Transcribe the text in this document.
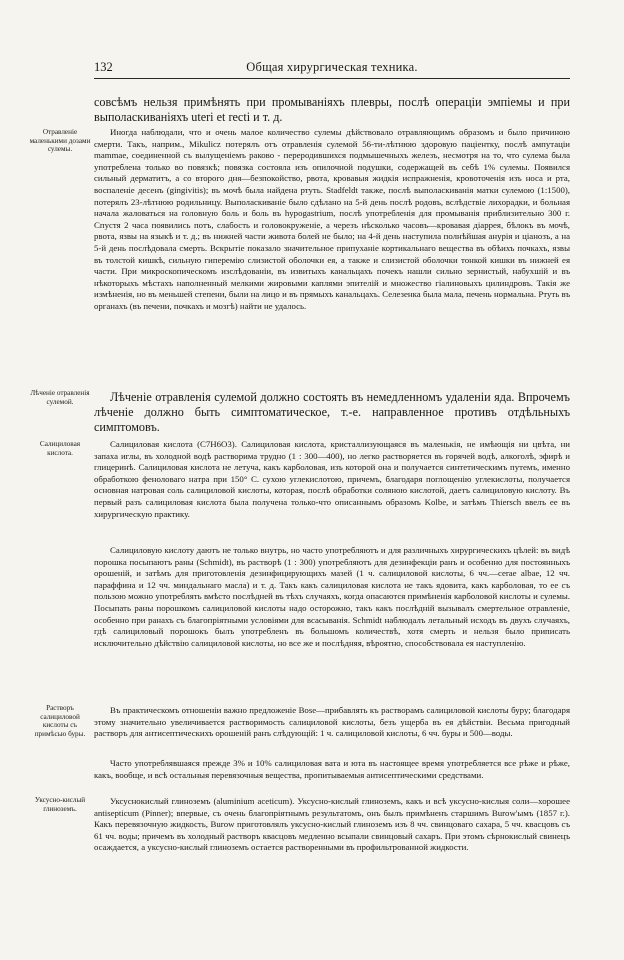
132	Общая хирургическая техника.
Отравленіе маленькими дозами сулемы.
Лѣченіе отравленія сулемой.
Салициловая кислота.
Растворъ салициловой кислоты съ примѣсью буры.
Уксусно-кислый глиноземъ.

совсѣмъ нельзя примѣнять при промываніяхъ плевры, послѣ операціи эмпіемы и при выполаскиваніяхъ uteri et recti и т. д.

Иногда наблюдали, что и очень малое количество сулемы дѣйствовало отравляющимъ образомъ и было причиною смерти. Такъ, наприм., Mikulicz потерялъ отъ отравленія сулемой 56-ти-лѣтнюю здоровую паціентку, послѣ ампутаціи mammae, соединенной съ вылущеніемъ раково - переродившихся подмышечныхъ железъ, несмотря на то, что сулема была употреблена только во повязкѣ; повязка состояла изъ опилочной подушки, содержащей въ себѣ 1% сулемы. Появился сильный дерматитъ, а со второго дня—безпокойство, рвота, кровавыя жидкія испражненія, кровоточенія изъ носа и рта, воспаленіе десенъ (gingivitis); въ мочѣ была найдена ртуть. Stadfeldt также, послѣ выполаскиванія матки сулемою (1:1500), потерялъ 23-лѣтнюю родильницу. Выполаскиваніе было сдѣлано на 5-й день послѣ родовъ, вслѣдствіе лихорадки, и больная начала жаловаться на головную боль и боль въ hypogastrium, послѣ употребленія для промыванія приблизительно 300 г. Спустя 2 часа появились потъ, слабость и головокруженіе, а черезъ нѣсколько часовъ—кровавая діаррея, бѣлокъ въ мочѣ, рвота, язвы на языкѣ и т. д.; въ нижней части живота болей не было; на 4-й день наступила полнѣйшая анурія и ціанозъ, а на 5-й день послѣдовала смерть. Вскрытіе показало значительное припуханіе кортикальнаго вещества въ обѣихъ почкахъ, язвы въ толстой кишкѣ, сильную гиперемію слизистой оболочки ея, а также и слизистой оболочки тонкой кишки въ нижней ея части. При микроскопическомъ изслѣдованіи, въ извитыхъ канальцахъ почекъ нашли сильно зернистый, набухшій и въ нѣкоторыхъ мѣстахъ наполненный мелкими жировыми каплями эпителій и множество гіалиновыхъ цилиндровъ. Такія же измѣненія, но въ меньшей степени, были на лицо и въ прямыхъ канальцахъ. Селезенка была мала, печень нормальна. Ртуть въ органахъ (въ печени, почкахъ и мозгѣ) найти не удалось.

Лѣченіе отравленія сулемой должно состоять въ немедленномъ удаленіи яда. Впрочемъ лѣченіе должно быть симптоматическое, т.-е. направленное противъ отдѣльныхъ симптомовъ.

Салициловая кислота (C7H6O3). Салициловая кислота, кристаллизующаяся въ маленькія, не имѣющія ни цвѣта, ни запаха иглы, въ холодной водѣ растворима трудно (1 : 300—400), но легко растворяется въ горячей водѣ, алкоголѣ, эфирѣ и глицеринѣ. Салициловая кислота не летуча, какъ карболовая, изъ которой она и получается синтетическимъ путемъ, именно обработкою феноловаго натра при 150° С. сухою углекислотою, причемъ, благодаря поглощенію углекислоты, получается основная натровая соль салициловой кислоты, которая, послѣ обработки соляною кислотой, даетъ салициловую кислоту. Въ первый разъ салициловая кислота была получена только-что описаннымъ образомъ Kolbe, и затѣмъ Thiersch ввелъ ее въ хирургическую практику.

Салициловую кислоту даютъ не только внутрь, но часто употребляютъ и для различныхъ хирургическихъ цѣлей: въ видѣ порошка посыпаютъ раны (Schmidt), въ растворѣ (1 : 300) употребляютъ для дезинфекціи ранъ и особенно для постоянныхъ орошеній, и затѣмъ для приготовленія дезинфицирующихъ мазей (1 ч. салициловой кислоты, 6 чч.—cerae albae, 12 чч. параффина и 12 чч. миндальнаго масла) и т. д. Такъ какъ салициловая кислота не такъ ядовита, какъ карболовая, то ее съ пользою можно употреблять вмѣсто послѣдней въ тѣхъ случаяхъ, когда опасаются примѣненія карболовой кислоты и сулемы. Посыпать раны порошкомъ салициловой кислоты надо осторожно, такъ какъ послѣдній вызывалъ смертельное отравленіе, особенно при ранахъ съ благопріятными условіями для всасыванія. Schmidt наблюдалъ летальный исходъ въ двухъ случаяхъ, гдѣ салициловый порошокъ былъ употребленъ въ большомъ количествѣ, хотя смерть и нельзя было приписать исключительно дѣйствію салициловой кислоты, но все же и послѣдняя, вѣроятно, способствовала ея наступленію.

Въ практическомъ отношеніи важно предложеніе Bose—прибавлять къ растворамъ салициловой кислоты буру; благодаря этому значительно увеличивается растворимость салициловой кислоты, безъ ущерба въ ея дѣйствіи. Весьма пригодный растворъ для антисептическихъ орошеній ранъ слѣдующій: 1 ч. салициловой кислоты, 6 чч. буры и 500—воды.

Часто употреблявшаяся прежде 3% и 10% салициловая вата и юта въ настоящее время употребляется все рѣже и рѣже, какъ, вообще, и всѣ остальныя перевязочныя вещества, пропитываемыя антисептическими средствами.

Уксуснокислый глиноземъ (aluminium aceticum). Уксусно-кислый глиноземъ, какъ и всѣ уксусно-кислыя соли—хорошее antisepticum (Pinner); впервые, съ очень благопріятнымъ результатомъ, онъ былъ примѣненъ старшимъ Burow'ымъ (1857 г.). Какъ перевязочную жидкость, Burow приготовлялъ уксусно-кислый глиноземъ изъ 8 чч. свинцоваго сахара, 5 чч. квасцовъ съ 61 чч. воды; причемъ въ холодный растворъ квасцовъ медленно всыпали свинцовый сахаръ. При этомъ сѣрнокислый свинецъ осаждается, а уксусно-кислый глиноземъ остается растворенными въ профильтрованной жидкости.
